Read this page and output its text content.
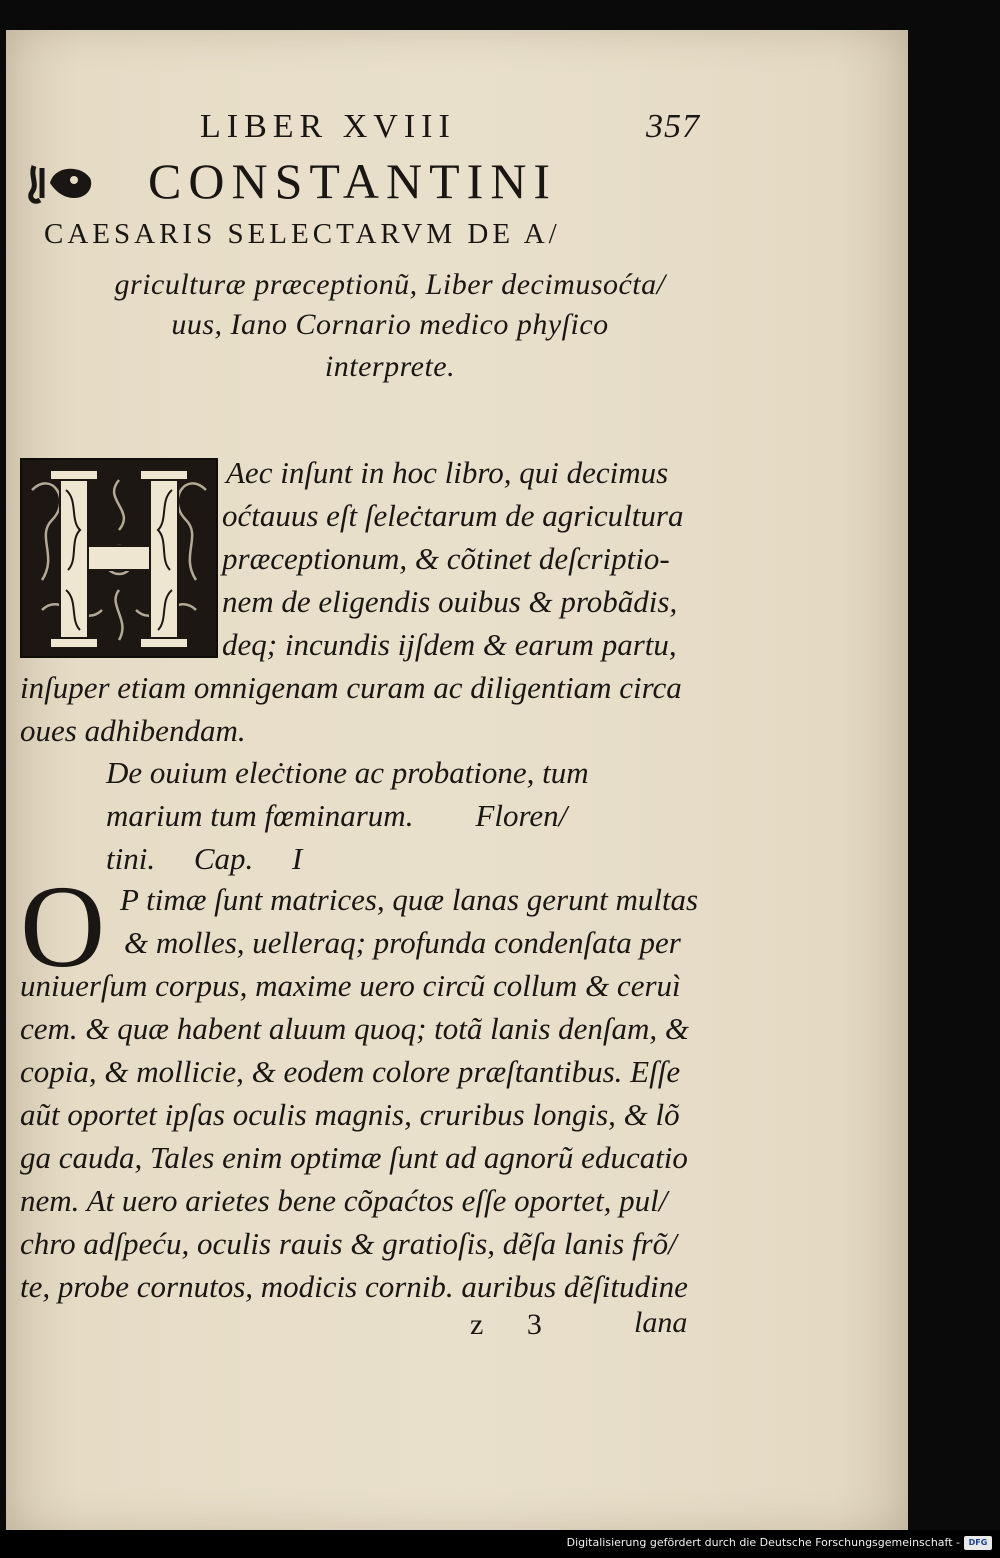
LIBER XVIII	357
CONSTANTINI
CAESARIS SELECTARVM DE A/
griculturæ præceptionũ, Liber decimusoćta/
uus, Iano Cornario medico phyſico
interprete.
Aec inſunt in hoc libro, qui decimus
oćtauus eſt ſeleċtarum de agricultura
præceptionum, & cõtinet deſcriptio-
nem de eligendis ouibus & probãdis,
deq; incundis ijſdem & earum partu,
inſuper etiam omnigenam curam ac diligentiam circa
oues adhibendam.
De ouium eleċtione ac probatione, tum
marium tum fœminarum.        Floren/
tini.     Cap.     I
O P timæ ſunt matrices, quæ lanas gerunt multas
& molles, uelleraq; profunda condenſata per
uniuerſum corpus, maxime uero circũ collum & ceruì
cem. & quæ habent aluum quoq; totã lanis denſam, &
copia, & mollicie, & eodem colore præſtantibus. Eſſe
aũt oportet ipſas oculis magnis, cruribus longis, & lõ
ga cauda, Tales enim optimæ ſunt ad agnorũ educatio
nem. At uero arietes bene cõpaćtos eſſe oportet, pul/
chro adſpeću, oculis rauis & gratioſis, dẽſa lanis frõ/
te, probe cornutos, modicis cornib. auribus dẽſitudine
z 3 lana
Digitalisierung gefördert durch die Deutsche Forschungsgemeinschaft -	DFG
